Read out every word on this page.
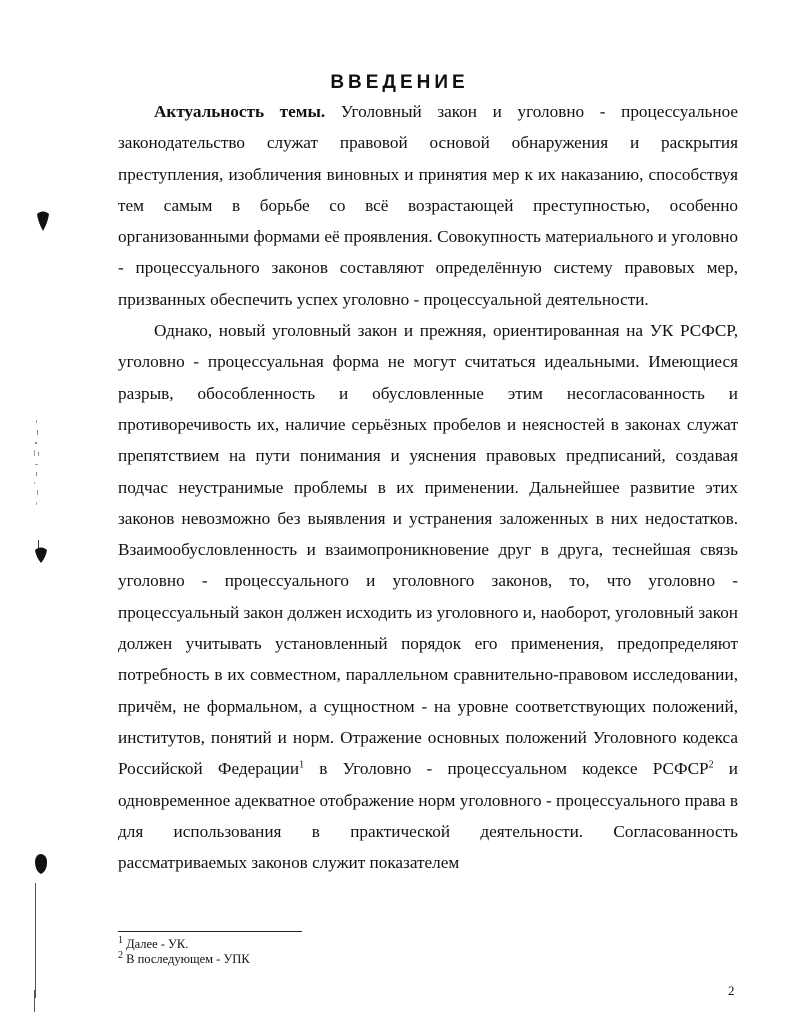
ВВЕДЕНИЕ

Актуальность темы. Уголовный закон и уголовно - процессуальное законодательство служат правовой основой обнаружения и раскрытия преступления, изобличения виновных и принятия мер к их наказанию, способствуя тем самым в борьбе со всё возрастающей преступностью, особенно организованными формами её проявления. Совокупность материального и уголовно - процессуального законов составляют определённую систему правовых мер, призванных обеспечить успех уголовно - процессуальной деятельности.

Однако, новый уголовный закон и прежняя, ориентированная на УК РСФСР, уголовно - процессуальная форма не могут считаться идеальными. Имеющиеся разрыв, обособленность и обусловленные этим несогласованность и противоречивость их, наличие серьёзных пробелов и неясностей в законах служат препятствием на пути понимания и уяснения правовых предписаний, создавая подчас неустранимые проблемы в их применении. Дальнейшее развитие этих законов невозможно без выявления и устранения заложенных в них недостатков. Взаимообусловленность и взаимопроникновение друг в друга, теснейшая связь уголовно - процессуального и уголовного законов, то, что уголовно - процессуальный закон должен исходить из уголовного и, наоборот, уголовный закон должен учитывать установленный порядок его применения, предопределяют потребность в их совместном, параллельном сравнительно-правовом исследовании, причём, не формальном, а сущностном - на уровне соответствующих положений, институтов, понятий и норм. Отражение основных положений Уголовного кодекса Российской Федерации$^1$ в Уголовно - процессуальном кодексе РСФСР$^2$ и одновременное адекватное отображение норм уголовного - процессуального права в для использования в практической деятельности. Согласованность рассматриваемых законов служит показателем

$^1$ Далее - УК.
$^2$ В последующем - УПК
2
